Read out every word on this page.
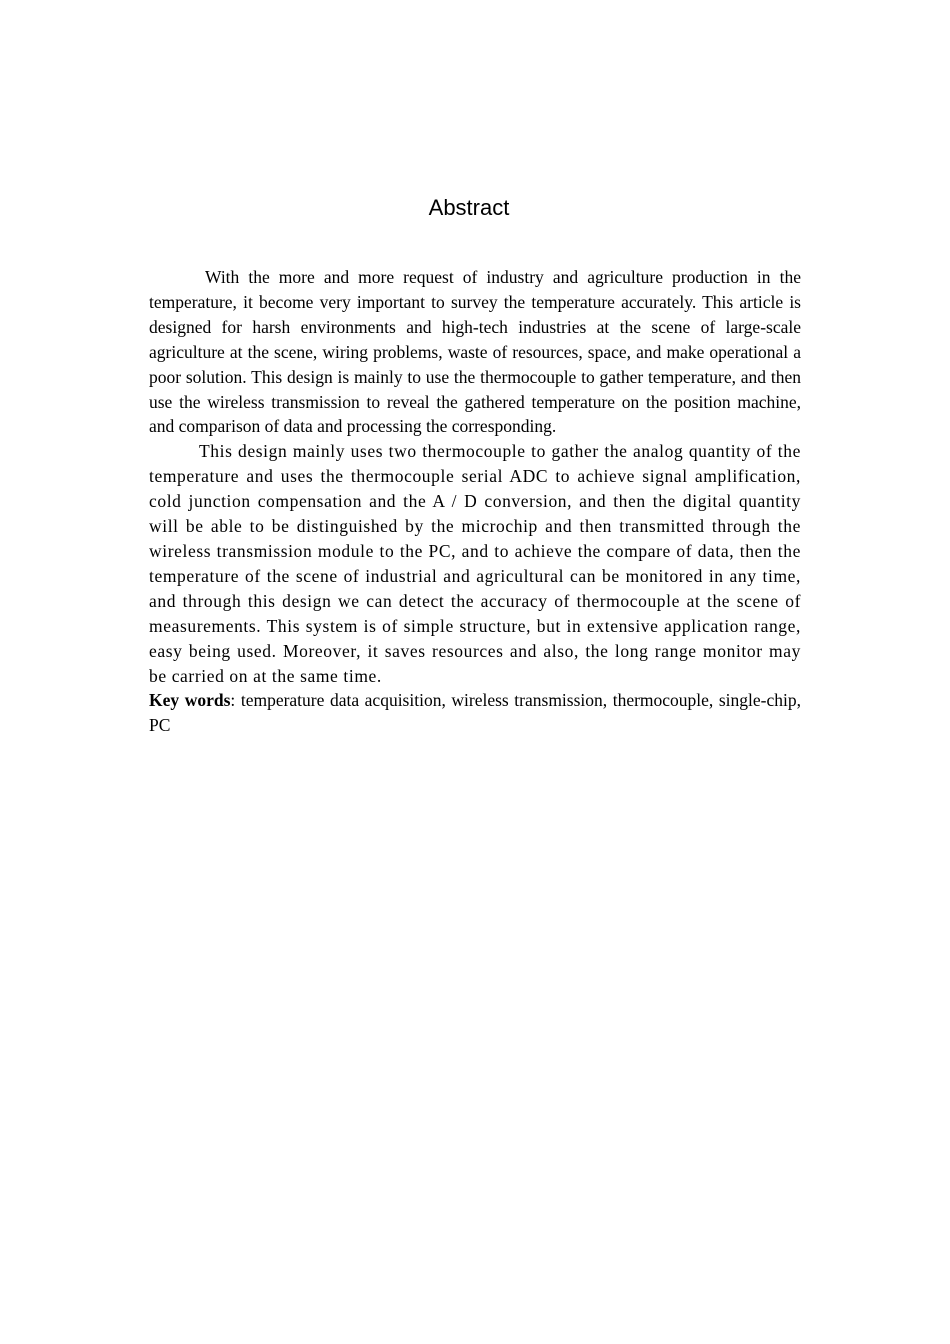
Abstract

With the more and more request of industry and agriculture production in the temperature, it become very important to survey the temperature accurately. This article is designed for harsh environments and high-tech industries at the scene of large-scale agriculture at the scene, wiring problems, waste of resources, space, and make operational a poor solution. This design is mainly to use the thermocouple to gather temperature, and then use the wireless transmission to reveal the gathered temperature on the position machine, and comparison of data and processing the corresponding.

This design mainly uses two thermocouple to gather the analog quantity of the temperature and uses the thermocouple serial ADC to achieve signal amplification, cold junction compensation and the A / D conversion, and then the digital quantity will be able to be distinguished by the microchip and then transmitted through the wireless transmission module to the PC, and to achieve the compare of data, then the temperature of the scene of industrial and agricultural can be monitored in any time, and through this design we can detect the accuracy of thermocouple at the scene of measurements. This system is of simple structure, but in extensive application range, easy being used. Moreover, it saves resources and also, the long range monitor may be carried on at the same time.

Key words: temperature data acquisition, wireless transmission, thermocouple, single-chip, PC
